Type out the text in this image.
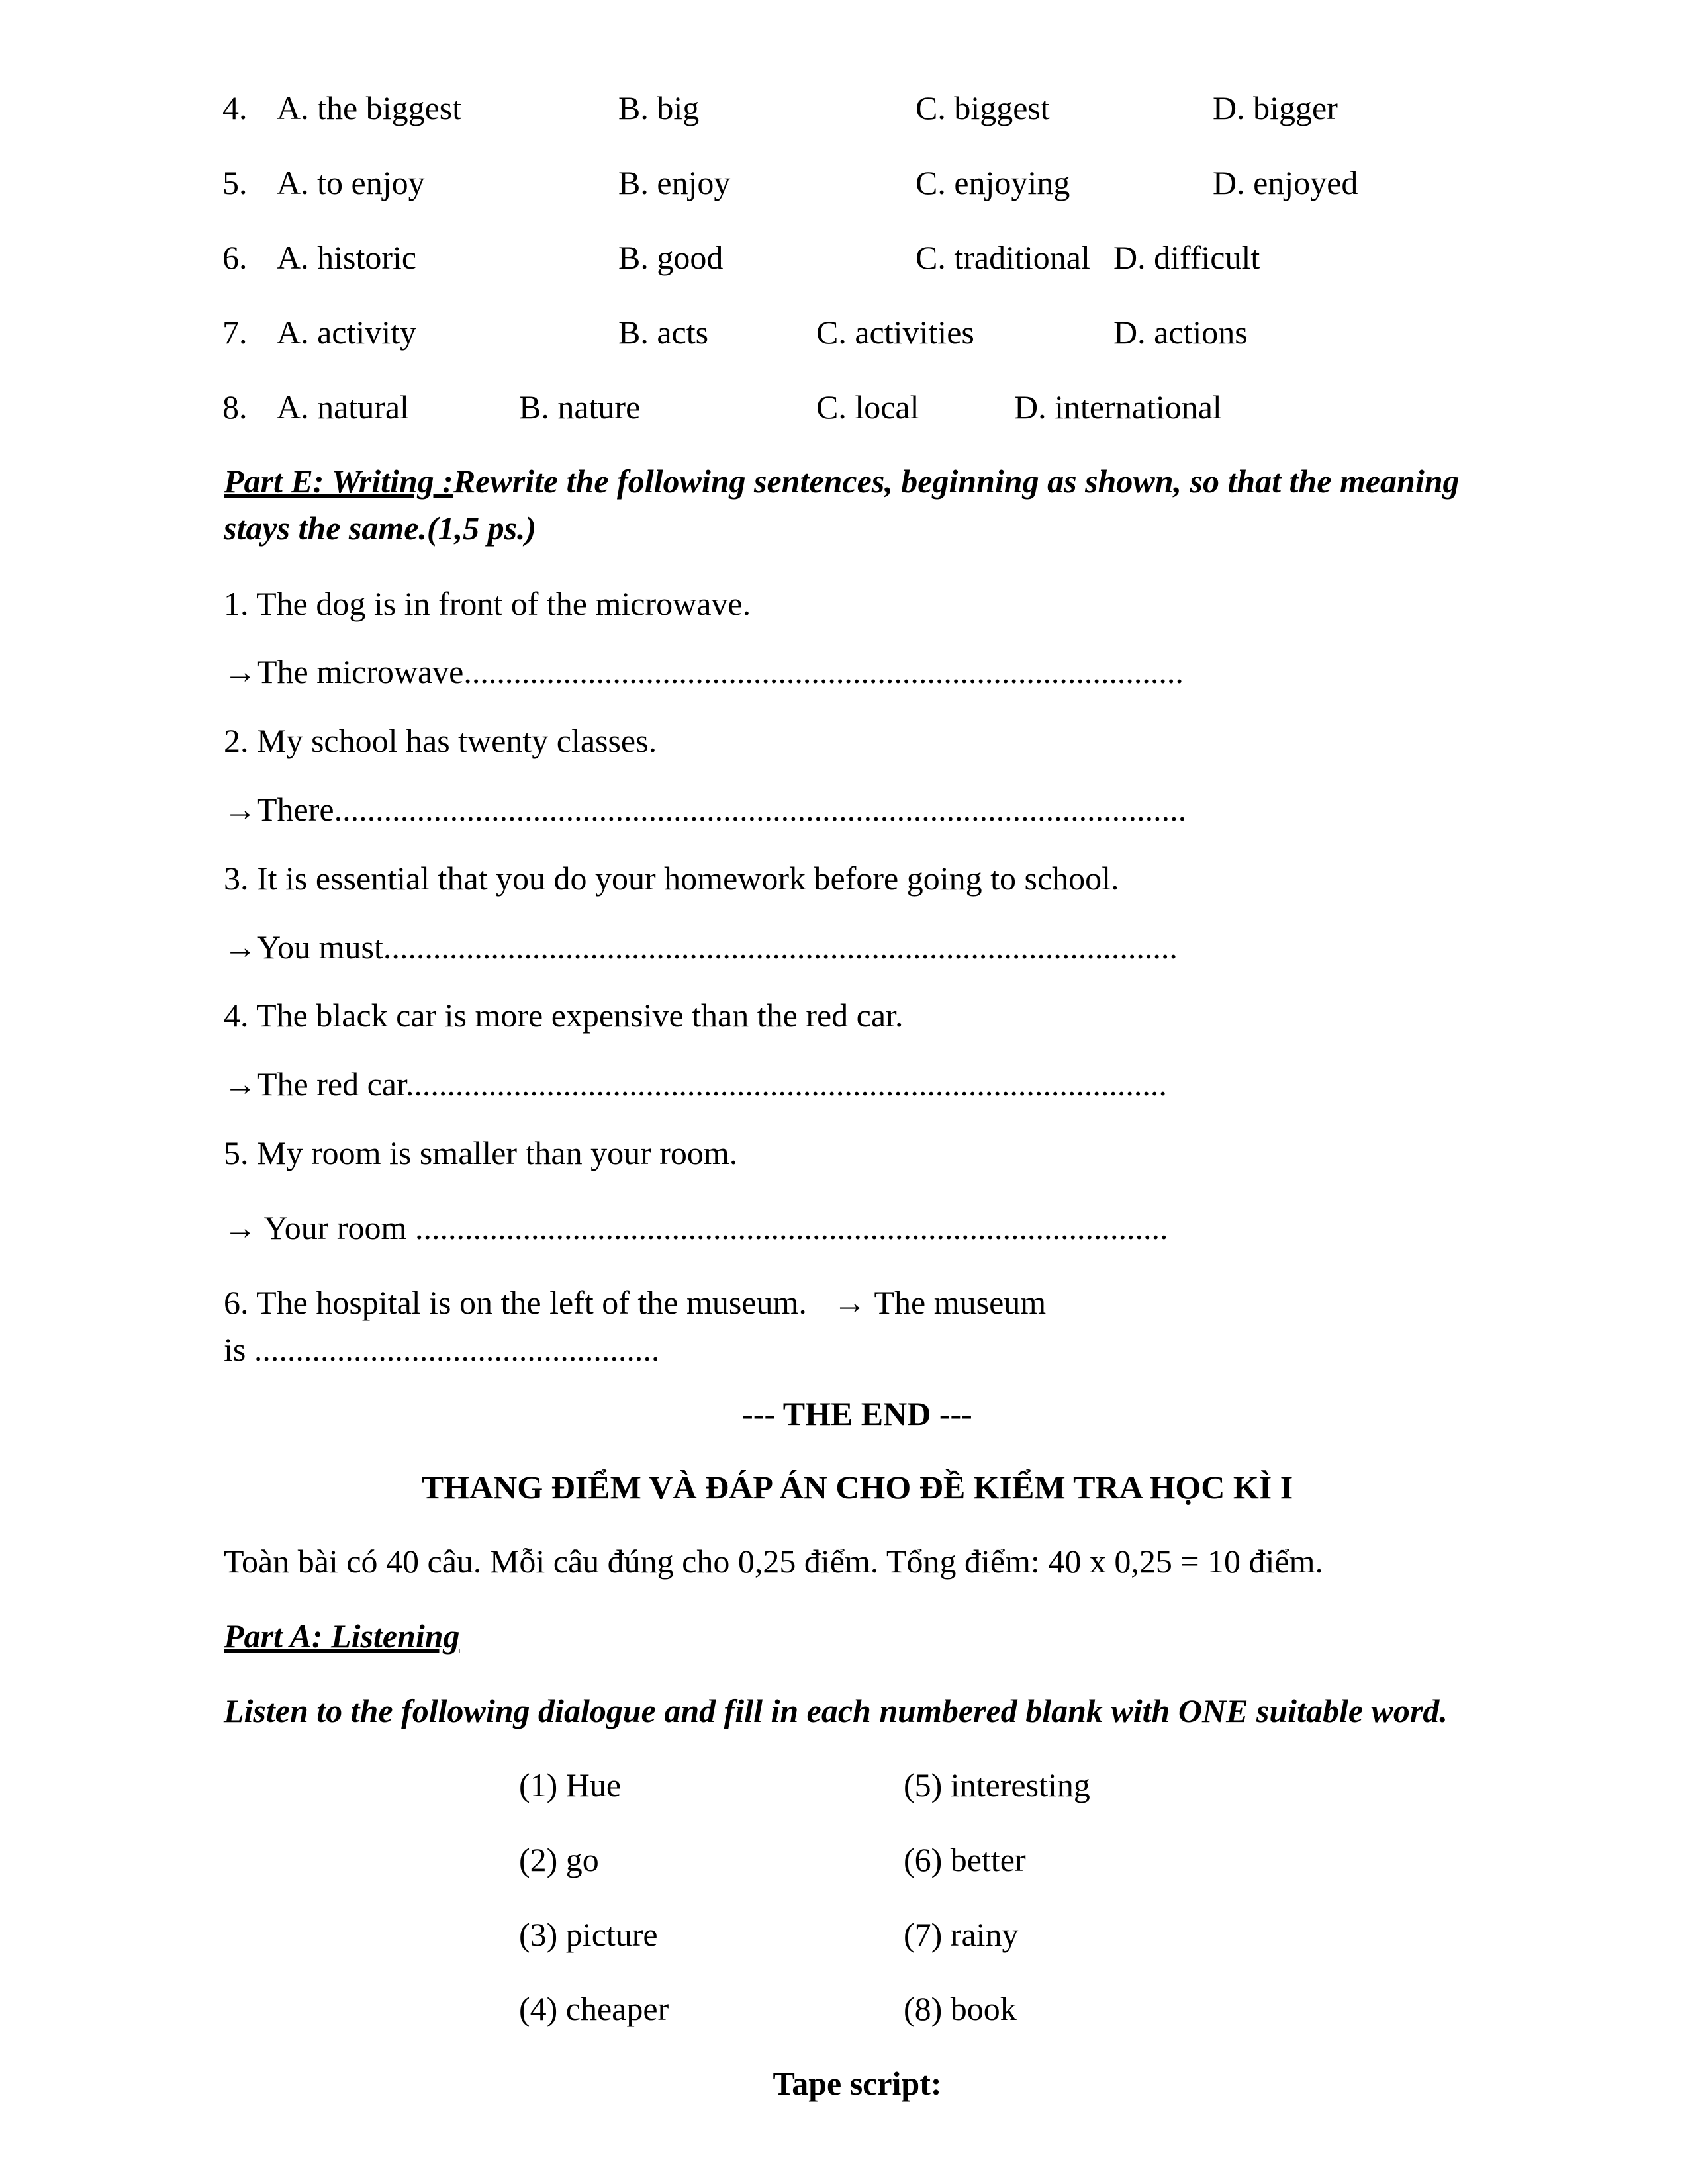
4. A. the biggest	B. big	C. biggest	D. bigger
5. A. to enjoy	B. enjoy	C. enjoying	D. enjoyed
6. A. historic	B. good	C. traditional D. difficult
7. A. activity	B. acts	C. activities	D. actions
8. A. natural	B. nature	C. local	D. international
Part E: Writing :Rewrite the following sentences, beginning as shown, so that the meaning
stays the same.(1,5 ps.)
1. The dog is in front of the microwave.
→The microwave.......................................................................................
2. My school has twenty classes.
→There.......................................................................................................
3. It is essential that you do your homework before going to school.
→You must................................................................................................
4. The black car is more expensive than the red car.
→The red car............................................................................................
5. My room is smaller than your room.
→ Your room ...........................................................................................
6. The hospital is on the left of the museum. → The museum
is .................................................
--- THE END ---
THANG ĐIỂM VÀ ĐÁP ÁN CHO ĐỀ KIỂM TRA HỌC KÌ I
Toàn bài có 40 câu. Mỗi câu đúng cho 0,25 điểm. Tổng điểm: 40 x 0,25 = 10 điểm.
Part A: Listening
Listen to the following dialogue and fill in each numbered blank with ONE suitable word.
(1) Hue	(5) interesting
(2) go	(6) better
(3) picture	(7) rainy
(4) cheaper	(8) book
Tape script:
